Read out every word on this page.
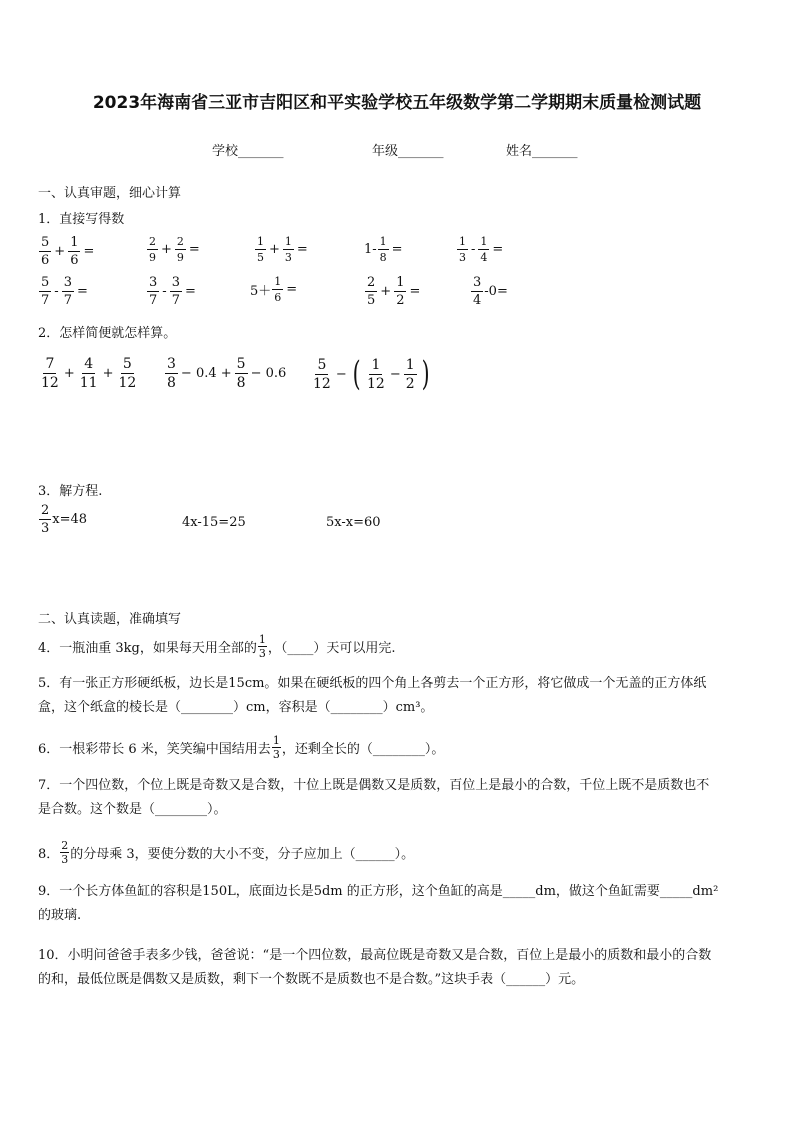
2023年海南省三亚市吉阳区和平实验学校五年级数学第二学期期末质量检测试题
学校_______	年级_______	姓名_______
一、认真审题，细心计算
1．直接写得数
$\frac{5}{6} + \frac{1}{6}$ =	$\frac{2}{9} + \frac{2}{9}$ =	$\frac{1}{5} + \frac{1}{3}$ =	$1- \frac{1}{8}$ =	$\frac{1}{3} - \frac{1}{4}$ =
$\frac{5}{7} - \frac{3}{7}$ =	$\frac{3}{7} - \frac{3}{7}$ =	$5+ \frac{1}{6}$ =	$\frac{2}{5} + \frac{1}{2}$ =	$\frac{3}{4} -0=$
2．怎样简便就怎样算。
$\frac{7}{12} + \frac{4}{11} + \frac{5}{12} \frac{3}{8} - 0.4 + \frac{5}{8} - 0.6 \frac{5}{12}$ − ( $\frac{1}{12} - \frac{1}{2}$ )
3．解方程.
$\frac{2}{3} x=48$	4x-15=25	5x-x=60
二、认真读题，准确填写
4．一瓶油重 3kg，如果每天用全部的 $\frac{1}{3}$ ，（____）天可以用完.
5．有一张正方形硬纸板，边长是15cm。如果在硬纸板的四个角上各剪去一个正方形，将它做成一个无盖的正方体纸
盒，这个纸盒的棱长是（________）cm，容积是（________）cm³。
6．一根彩带长 6 米，笑笑编中国结用去 $\frac{1}{3}$ ，还剩全长的（________）。
7．一个四位数，个位上既是奇数又是合数，十位上既是偶数又是质数，百位上是最小的合数，千位上既不是质数也不
是合数。这个数是（________）。
8． $\frac{2}{3}$ 的分母乘 3，要使分数的大小不变，分子应加上（______）。
9．一个长方体鱼缸的容积是150L，底面边长是5dm 的正方形，这个鱼缸的高是_____dm，做这个鱼缸需要_____dm²
的玻璃.
10．小明问爸爸手表多少钱，爸爸说：“是一个四位数，最高位既是奇数又是合数，百位上是最小的质数和最小的合数
的和，最低位既是偶数又是质数，剩下一个数既不是质数也不是合数。”这块手表（______）元。
